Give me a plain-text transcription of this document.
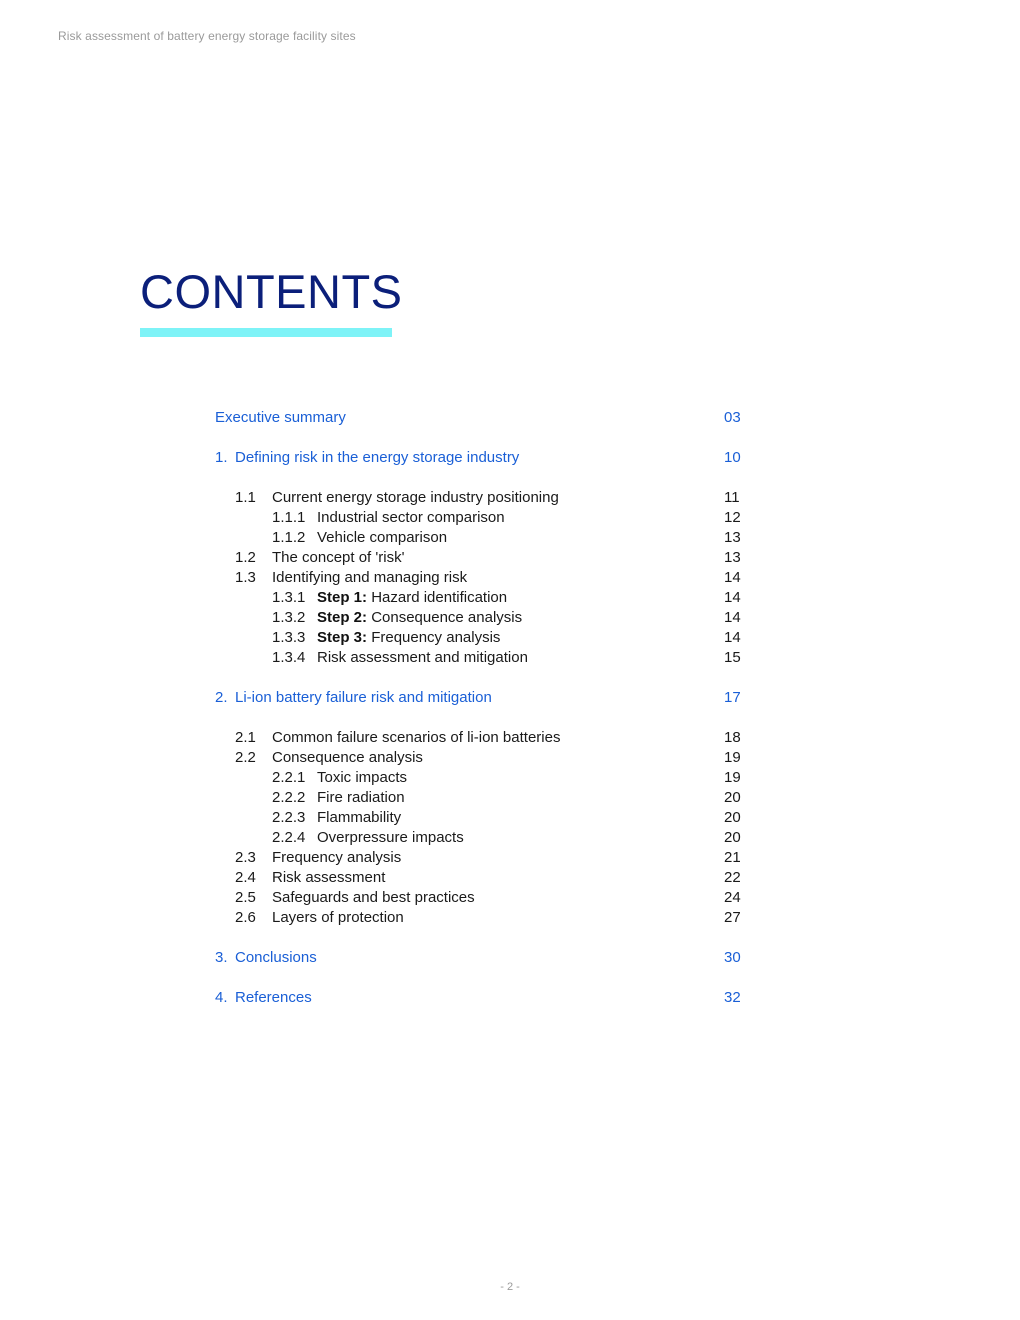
Risk assessment of battery energy storage facility sites
CONTENTS
Executive summary	03
1. Defining risk in the energy storage industry	10
1.1 Current energy storage industry positioning	11
1.1.1 Industrial sector comparison	12
1.1.2 Vehicle comparison	13
1.2 The concept of 'risk'	13
1.3 Identifying and managing risk	14
1.3.1 Step 1: Hazard identification	14
1.3.2 Step 2: Consequence analysis	14
1.3.3 Step 3: Frequency analysis	14
1.3.4 Risk assessment and mitigation	15
2. Li-ion battery failure risk and mitigation	17
2.1 Common failure scenarios of li-ion batteries	18
2.2 Consequence analysis	19
2.2.1 Toxic impacts	19
2.2.2 Fire radiation	20
2.2.3 Flammability	20
2.2.4 Overpressure impacts	20
2.3 Frequency analysis	21
2.4 Risk assessment	22
2.5 Safeguards and best practices	24
2.6 Layers of protection	27
3. Conclusions	30
4. References	32
- 2 -
